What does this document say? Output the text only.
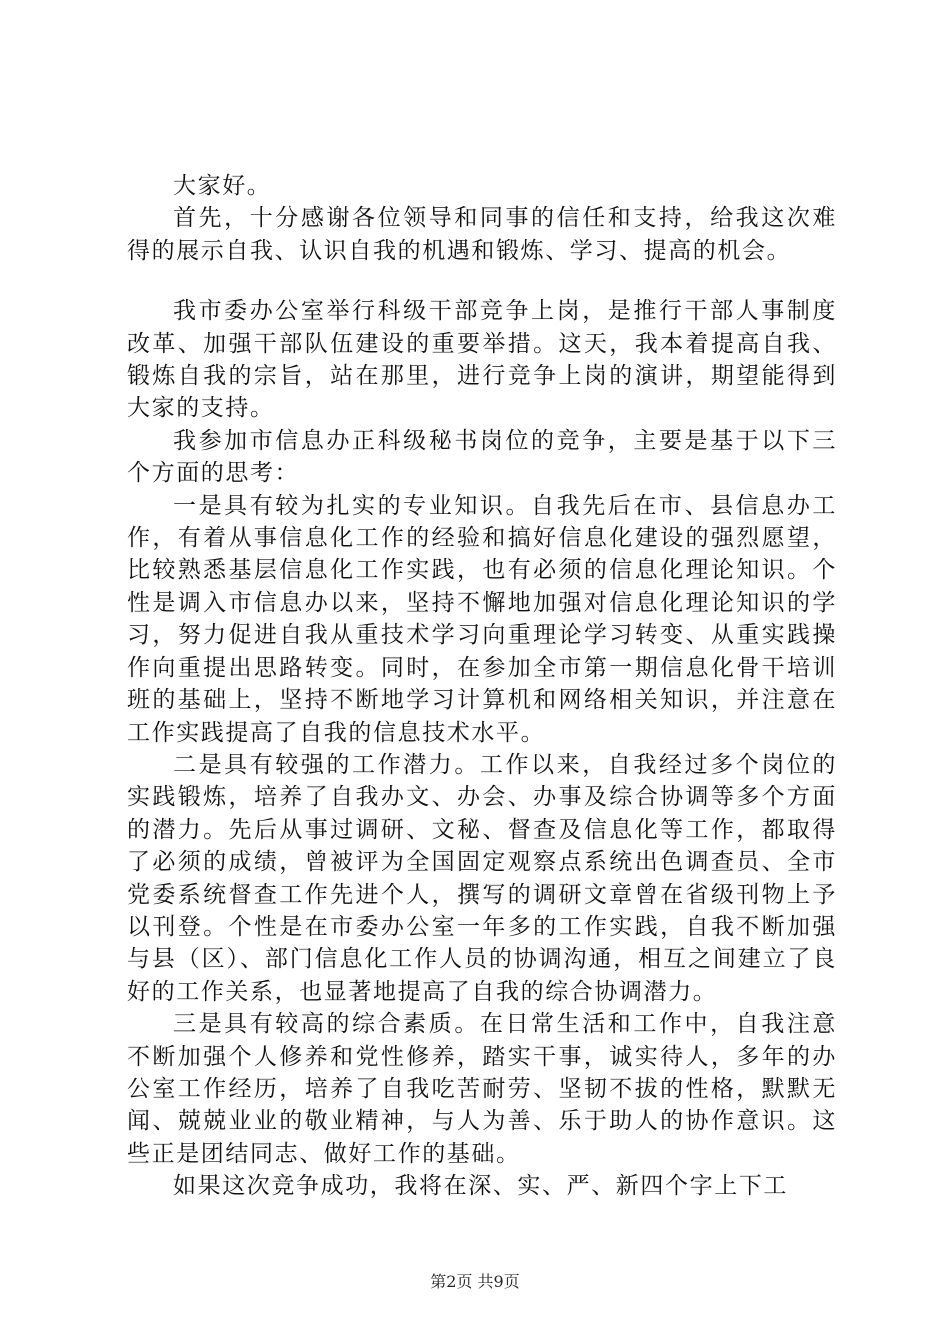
大家好。

首先，十分感谢各位领导和同事的信任和支持，给我这次难得的展示自我、认识自我的机遇和锻炼、学习、提高的机会。

我市委办公室举行科级干部竞争上岗，是推行干部人事制度改革、加强干部队伍建设的重要举措。这天，我本着提高自我、锻炼自我的宗旨，站在那里，进行竞争上岗的演讲，期望能得到大家的支持。

我参加市信息办正科级秘书岗位的竞争，主要是基于以下三个方面的思考：

一是具有较为扎实的专业知识。自我先后在市、县信息办工作，有着从事信息化工作的经验和搞好信息化建设的强烈愿望，比较熟悉基层信息化工作实践，也有必须的信息化理论知识。个性是调入市信息办以来，坚持不懈地加强对信息化理论知识的学习，努力促进自我从重技术学习向重理论学习转变、从重实践操作向重提出思路转变。同时，在参加全市第一期信息化骨干培训班的基础上，坚持不断地学习计算机和网络相关知识，并注意在工作实践提高了自我的信息技术水平。

二是具有较强的工作潜力。工作以来，自我经过多个岗位的实践锻炼，培养了自我办文、办会、办事及综合协调等多个方面的潜力。先后从事过调研、文秘、督查及信息化等工作，都取得了必须的成绩，曾被评为全国固定观察点系统出色调查员、全市党委系统督查工作先进个人，撰写的调研文章曾在省级刊物上予以刊登。个性是在市委办公室一年多的工作实践，自我不断加强与县（区）、部门信息化工作人员的协调沟通，相互之间建立了良好的工作关系，也显著地提高了自我的综合协调潜力。

三是具有较高的综合素质。在日常生活和工作中，自我注意不断加强个人修养和党性修养，踏实干事，诚实待人，多年的办公室工作经历，培养了自我吃苦耐劳、坚韧不拔的性格，默默无闻、兢兢业业的敬业精神，与人为善、乐于助人的协作意识。这些正是团结同志、做好工作的基础。

如果这次竞争成功，我将在深、实、严、新四个字上下工

第2页 共9页
